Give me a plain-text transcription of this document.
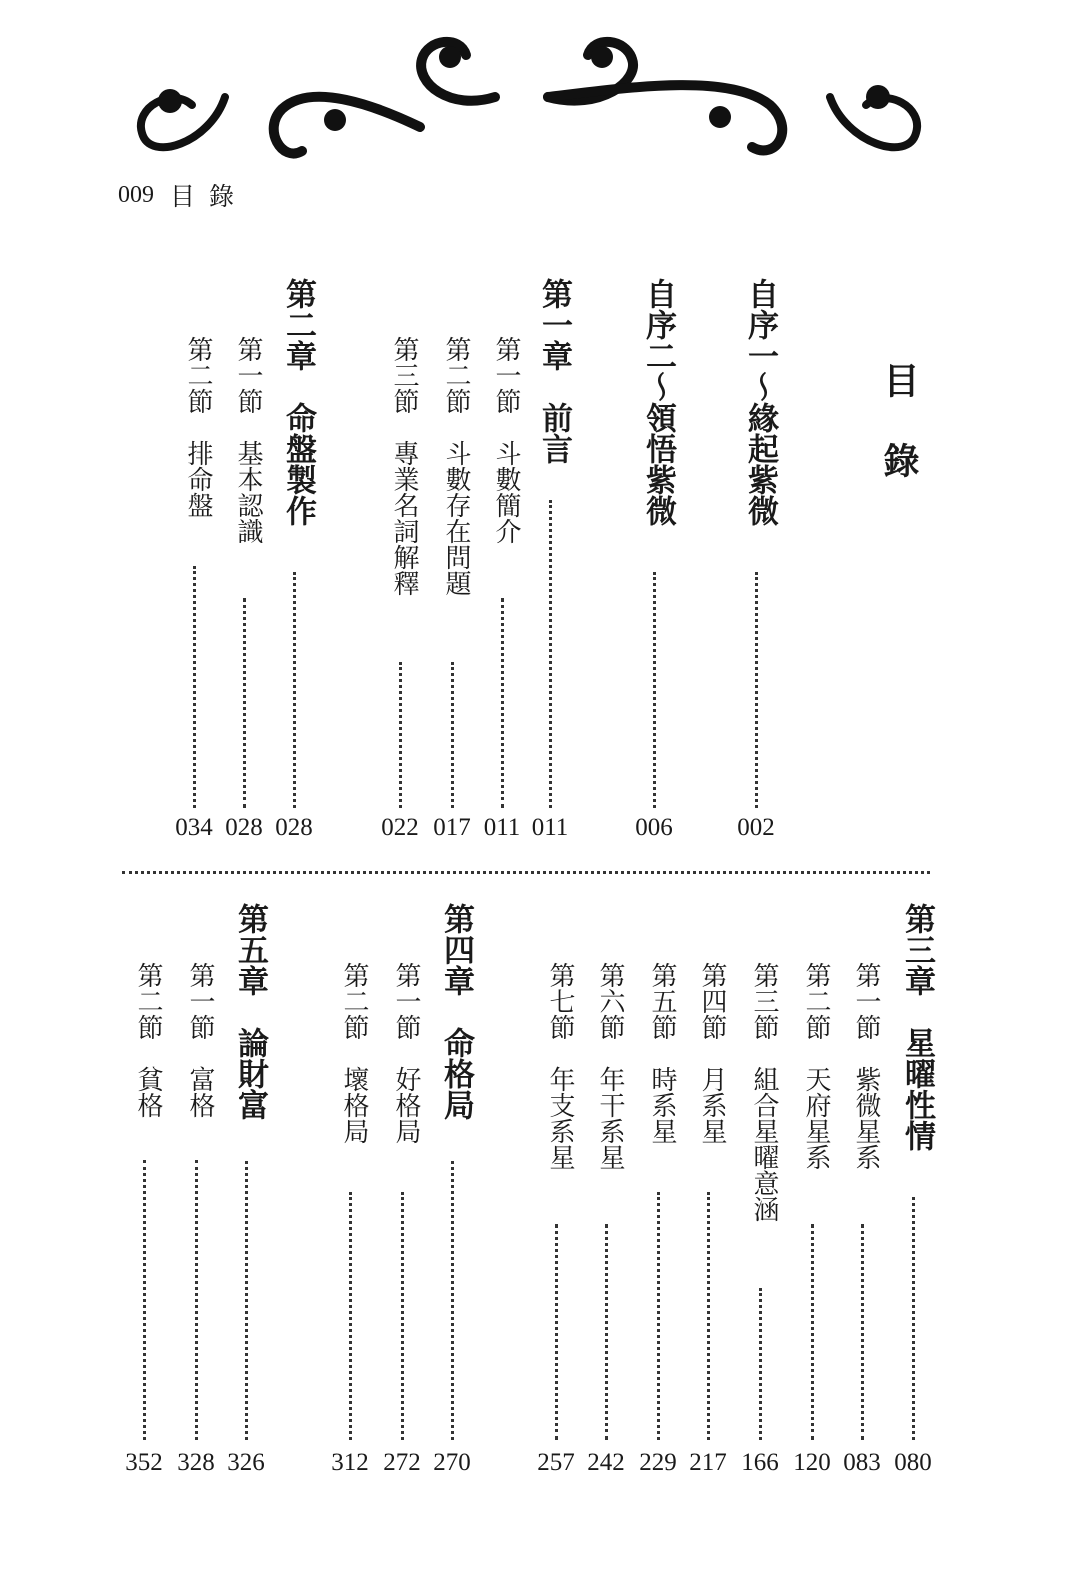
009 目錄
目錄
自序一～緣起紫微
002
自序二～領悟紫微
006
第一章　前言
011
第一節　斗數簡介
011
第二節　斗數存在問題
017
第三節　專業名詞解釋
022
第二章　命盤製作
028
第一節　基本認識
028
第二節　排命盤
034
第三章　星曜性情
080
第一節　紫微星系
083
第二節　天府星系
120
第三節　組合星曜意涵
166
第四節　月系星
217
第五節　時系星
229
第六節　年干系星
242
第七節　年支系星
257
第四章　命格局
270
第一節　好格局
272
第二節　壞格局
312
第五章　論財富
326
第一節　富格
328
第二節　貧格
352
